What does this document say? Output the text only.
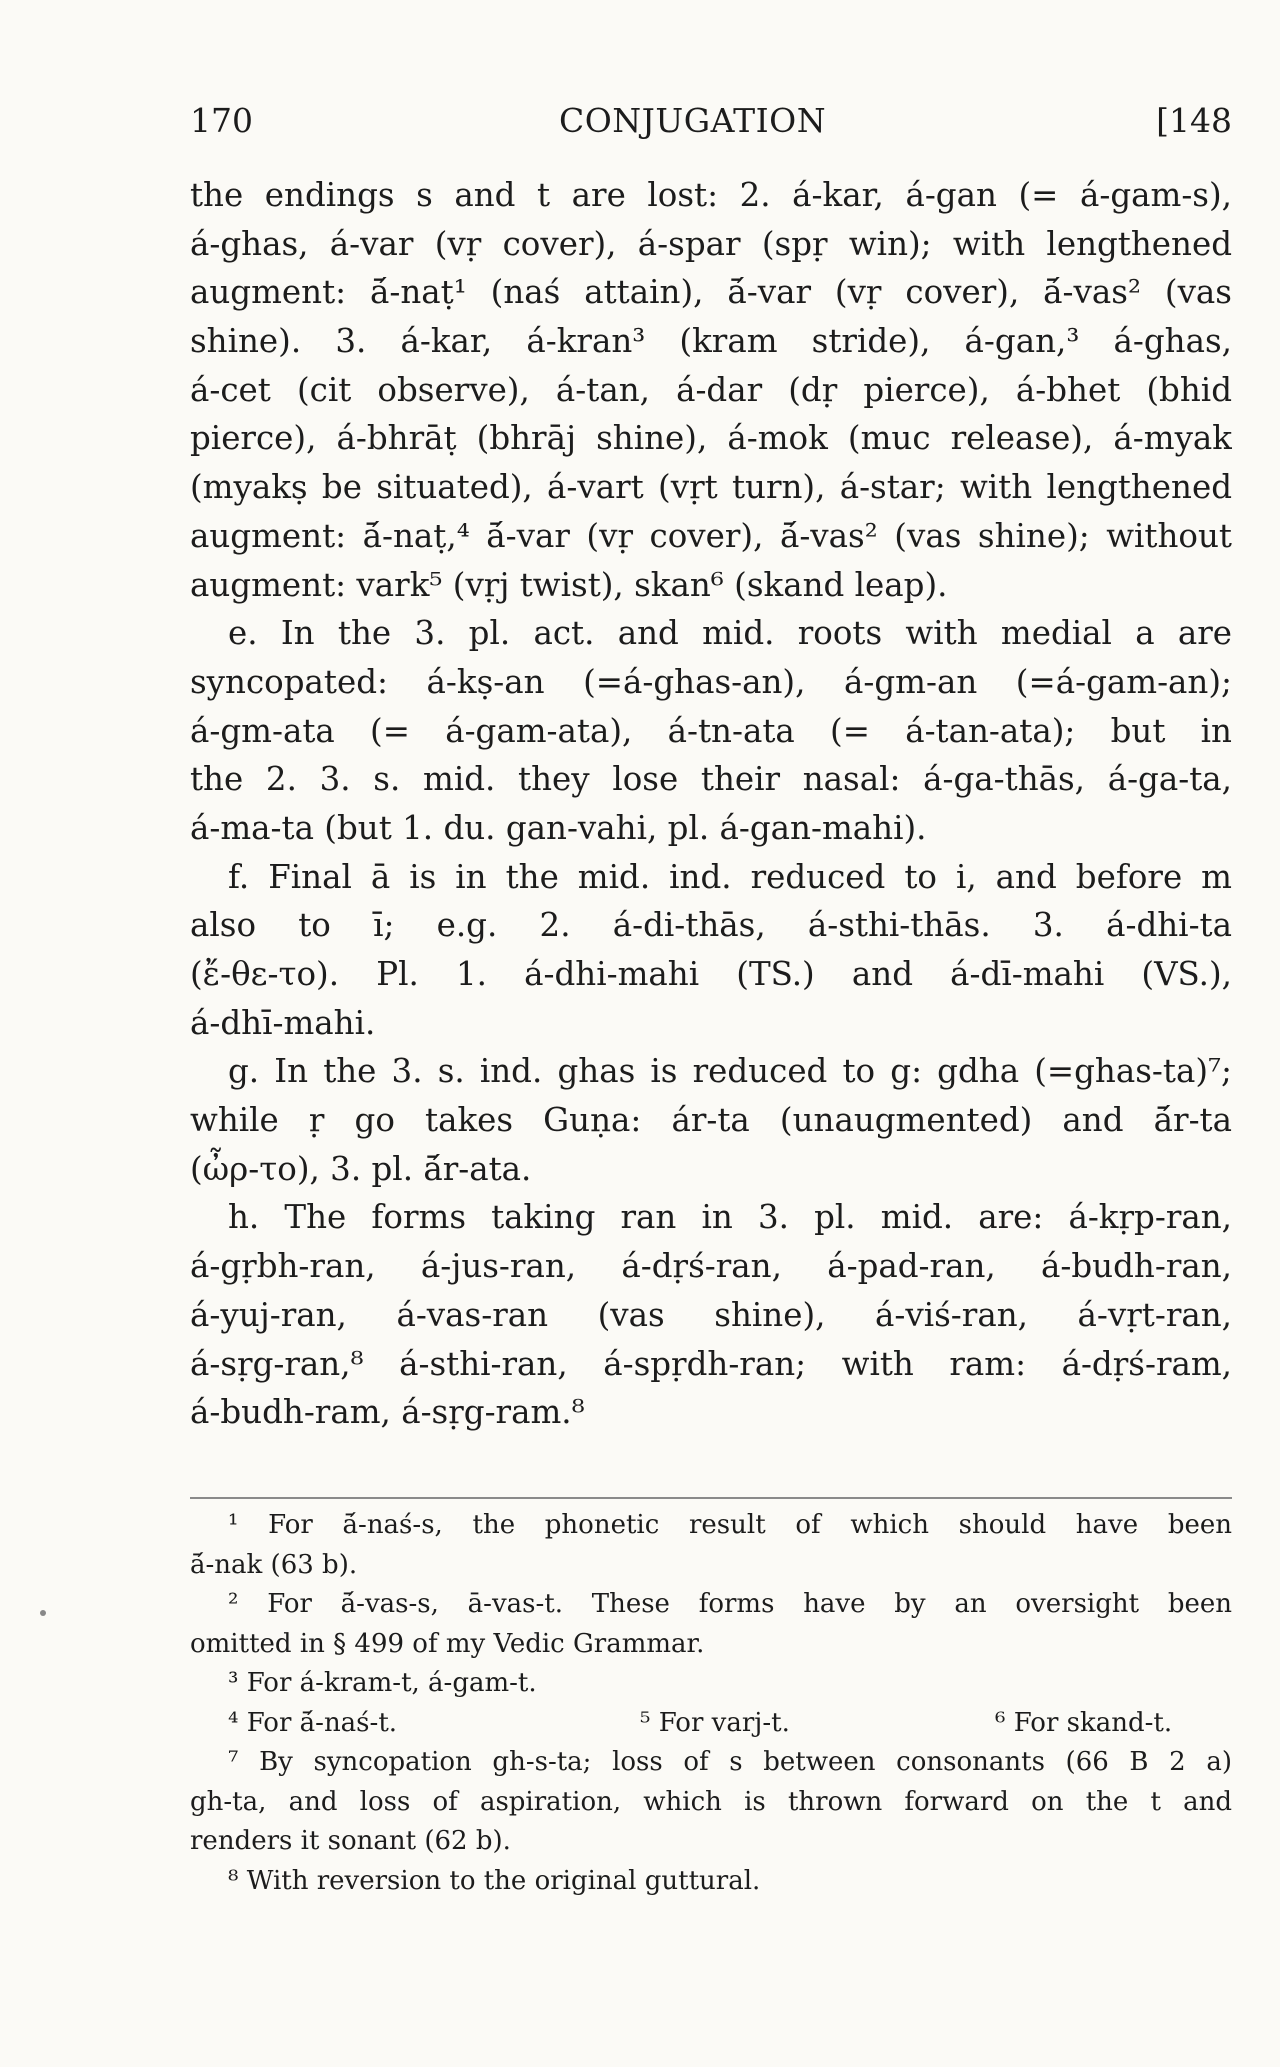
170	CONJUGATION	[148
the endings s and t are lost: 2. á-kar, á-gan (= á-gam-s),
á-ghas, á-var (vṛ cover), á-spar (spṛ win); with lengthened
augment: ā́-naṭ¹ (naś attain), ā́-var (vṛ cover), ā́-vas² (vas
shine). 3. á-kar, á-kran³ (kram stride), á-gan,³ á-ghas,
á-cet (cit observe), á-tan, á-dar (dṛ pierce), á-bhet (bhid
pierce), á-bhrāṭ (bhrāj shine), á-mok (muc release), á-myak
(myakṣ be situated), á-vart (vṛt turn), á-star; with lengthened
augment: ā́-naṭ,⁴ ā́-var (vṛ cover), ā́-vas² (vas shine); without
augment: vark⁵ (vṛj twist), skan⁶ (skand leap).
e. In the 3. pl. act. and mid. roots with medial a are
syncopated: á-kṣ-an (=á-ghas-an), á-gm-an (=á-gam-an);
á-gm-ata (= á-gam-ata), á-tn-ata (= á-tan-ata); but in
the 2. 3. s. mid. they lose their nasal: á-ga-thās, á-ga-ta,
á-ma-ta (but 1. du. gan-vahi, pl. á-gan-mahi).
f. Final ā is in the mid. ind. reduced to i, and before m
also to ī; e.g. 2. á-di-thās, á-sthi-thās. 3. á-dhi-ta
(ἔ-θε-το). Pl. 1. á-dhi-mahi (TS.) and á-dī-mahi (VS.),
á-dhī-mahi.
g. In the 3. s. ind. ghas is reduced to g: gdha (=ghas-ta)⁷;
while ṛ go takes Guṇa: ár-ta (unaugmented) and ā́r-ta
(ὦρ-το), 3. pl. ā́r-ata.
h. The forms taking ran in 3. pl. mid. are: á-kṛp-ran,
á-gṛbh-ran, á-jus-ran, á-dṛś-ran, á-pad-ran, á-budh-ran,
á-yuj-ran, á-vas-ran (vas shine), á-viś-ran, á-vṛt-ran,
á-sṛg-ran,⁸ á-sthi-ran, á-spṛdh-ran; with ram: á-dṛś-ram,
á-budh-ram, á-sṛg-ram.⁸
¹ For ā́-naś-s, the phonetic result of which should have been
ā́-nak (63 b).
² For ā́-vas-s, ā-vas-t. These forms have by an oversight been
omitted in § 499 of my Vedic Grammar.
³ For á-kram-t, á-gam-t.
⁴ For ā́-naś-t.	⁵ For varj-t.	⁶ For skand-t.
⁷ By syncopation gh-s-ta; loss of s between consonants (66 B 2 a)
gh-ta, and loss of aspiration, which is thrown forward on the t and
renders it sonant (62 b).
⁸ With reversion to the original guttural.
